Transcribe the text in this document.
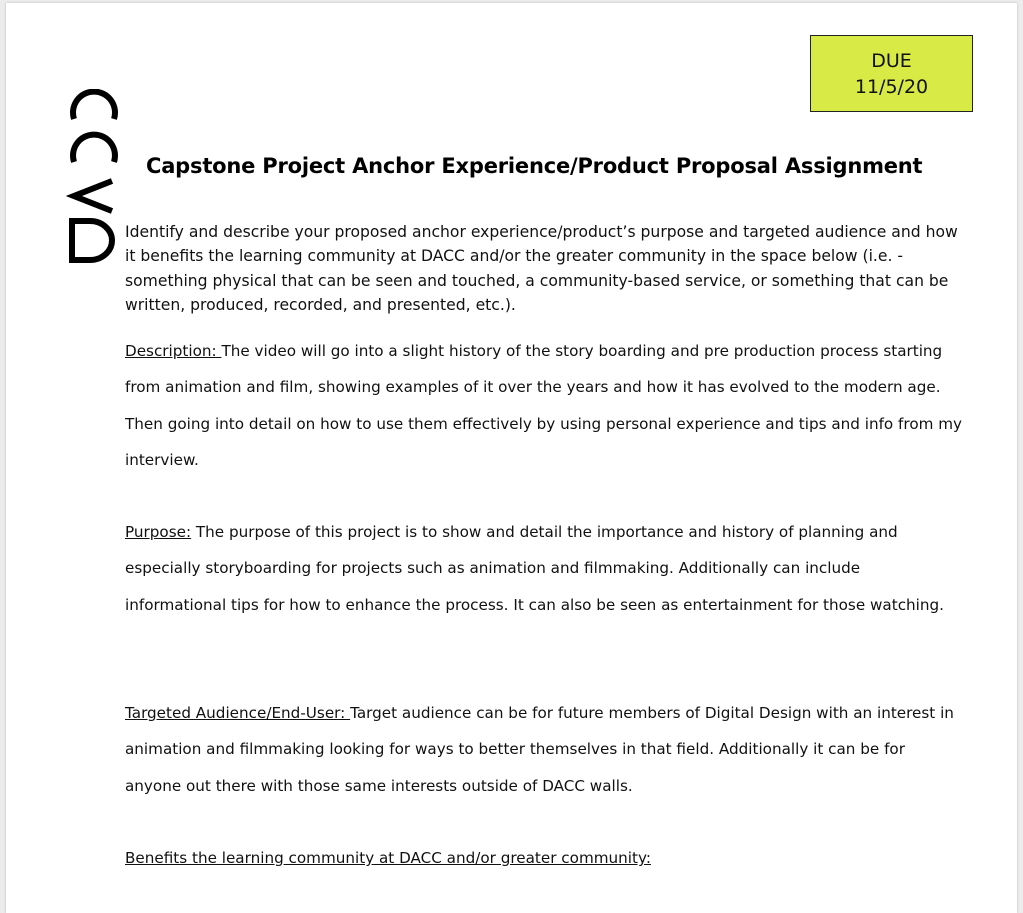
DUE
11/5/20
Capstone Project Anchor Experience/Product Proposal Assignment

Identify and describe your proposed anchor experience/product’s purpose and targeted audience and how it benefits the learning community at DACC and/or the greater community in the space below (i.e. - something physical that can be seen and touched, a community-based service, or something that can be written, produced, recorded, and presented, etc.).

Description: The video will go into a slight history of the story boarding and pre production process starting from animation and film, showing examples of it over the years and how it has evolved to the modern age. Then going into detail on how to use them effectively by using personal experience and tips and info from my interview.

Purpose: The purpose of this project is to show and detail the importance and history of planning and especially storyboarding for projects such as animation and filmmaking. Additionally can include informational tips for how to enhance the process. It can also be seen as entertainment for those watching.

Targeted Audience/End-User: Target audience can be for future members of Digital Design with an interest in animation and filmmaking looking for ways to better themselves in that field. Additionally it can be for anyone out there with those same interests outside of DACC walls.

Benefits the learning community at DACC and/or greater community:
